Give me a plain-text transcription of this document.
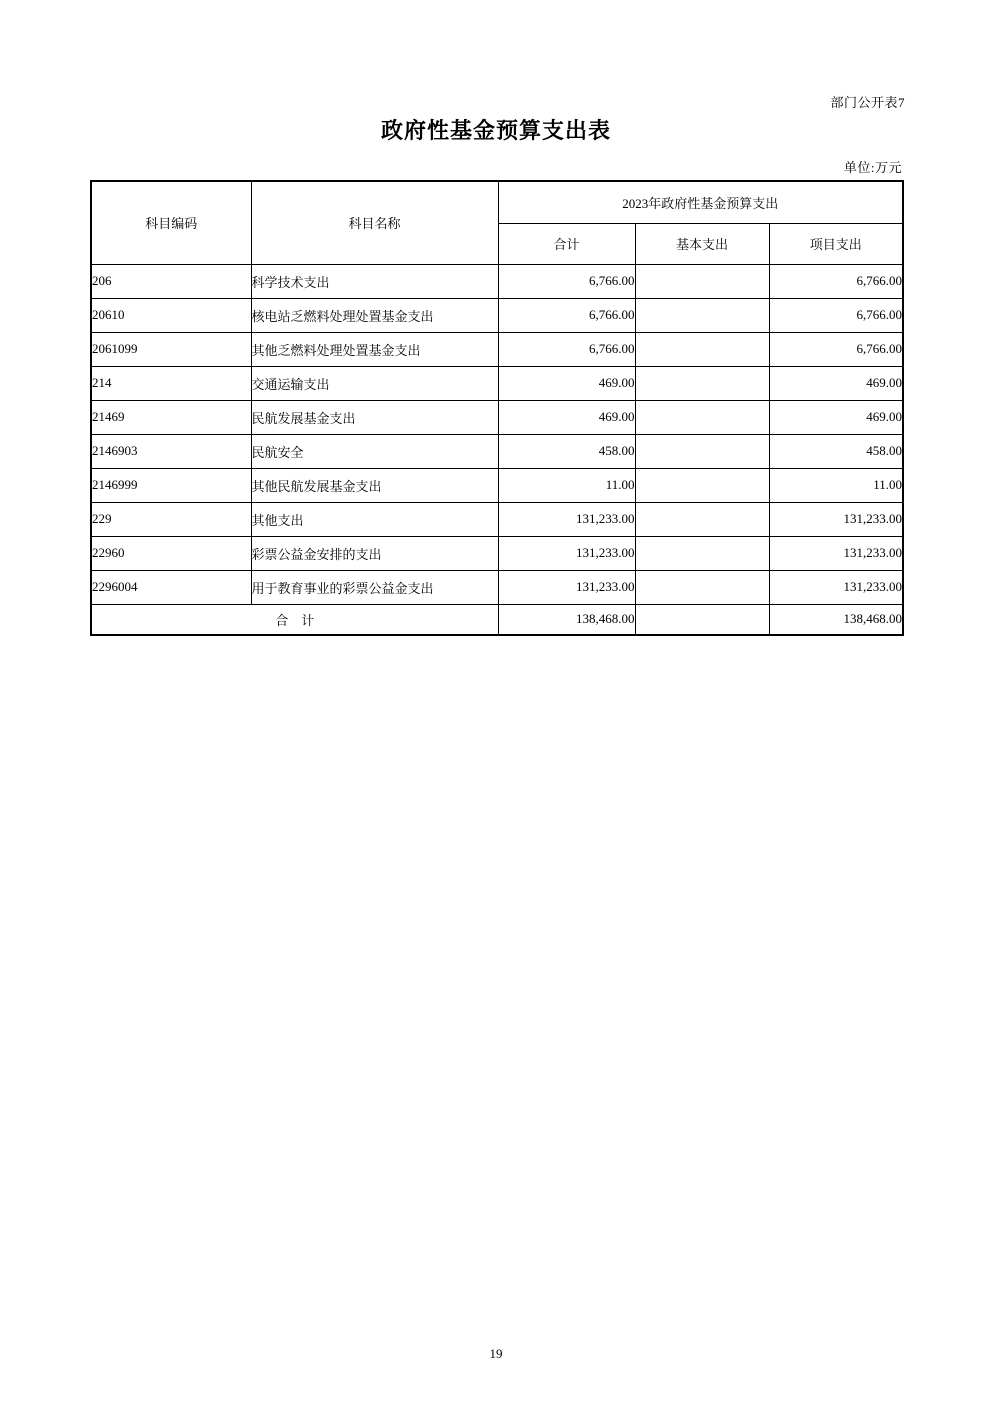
部门公开表7
政府性基金预算支出表
单位:万元
科目编码	科目名称	2023年政府性基金预算支出		
		合计	基本支出	项目支出
206	科学技术支出	6,766.00		6,766.00
20610	核电站乏燃料处理处置基金支出	6,766.00		6,766.00
2061099	其他乏燃料处理处置基金支出	6,766.00		6,766.00
214	交通运输支出	469.00		469.00
21469	民航发展基金支出	469.00		469.00
2146903	民航安全	458.00		458.00
2146999	其他民航发展基金支出	11.00		11.00
229	其他支出	131,233.00		131,233.00
22960	彩票公益金安排的支出	131,233.00		131,233.00
2296004	用于教育事业的彩票公益金支出	131,233.00		131,233.00
合　计		138,468.00		138,468.00
19
